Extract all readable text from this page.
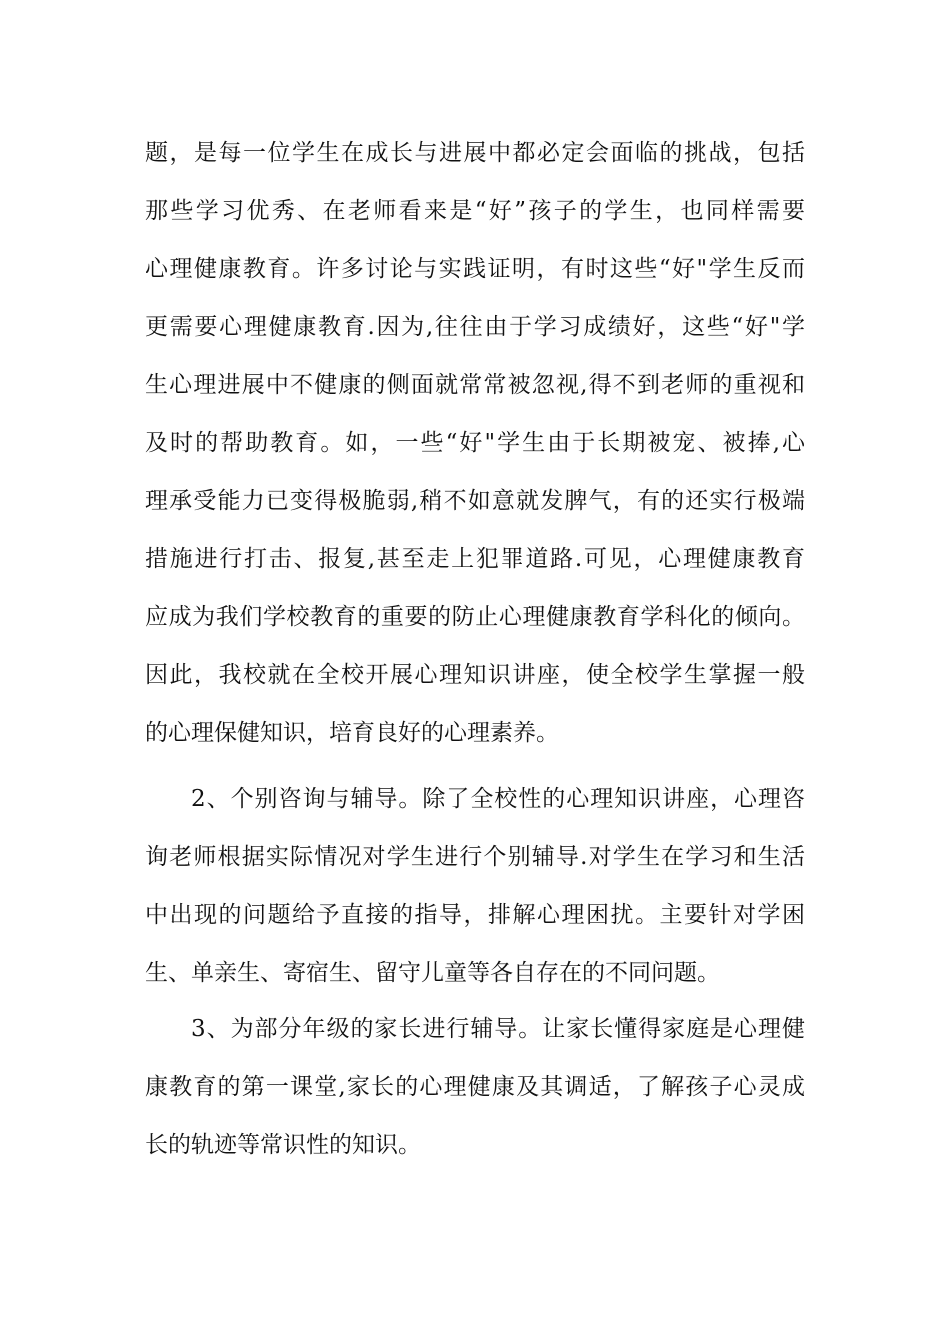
题，是每一位学生在成长与进展中都必定会面临的挑战，包括
那些学习优秀、在老师看来是“好”孩子的学生，也同样需要
心理健康教育。许多讨论与实践证明，有时这些“好"学生反而
更需要心理健康教育.因为,往往由于学习成绩好，这些“好"学
生心理进展中不健康的侧面就常常被忽视,得不到老师的重视和
及时的帮助教育。如，一些“好"学生由于长期被宠、被捧,心
理承受能力已变得极脆弱,稍不如意就发脾气，有的还实行极端
措施进行打击、报复,甚至走上犯罪道路.可见，心理健康教育
应成为我们学校教育的重要的防止心理健康教育学科化的倾向。
因此，我校就在全校开展心理知识讲座，使全校学生掌握一般
的心理保健知识，培育良好的心理素养。
2、个别咨询与辅导。除了全校性的心理知识讲座，心理咨
询老师根据实际情况对学生进行个别辅导.对学生在学习和生活
中出现的问题给予直接的指导，排解心理困扰。主要针对学困
生、单亲生、寄宿生、留守儿童等各自存在的不同问题。
3、为部分年级的家长进行辅导。让家长懂得家庭是心理健
康教育的第一课堂,家长的心理健康及其调适，了解孩子心灵成
长的轨迹等常识性的知识。
